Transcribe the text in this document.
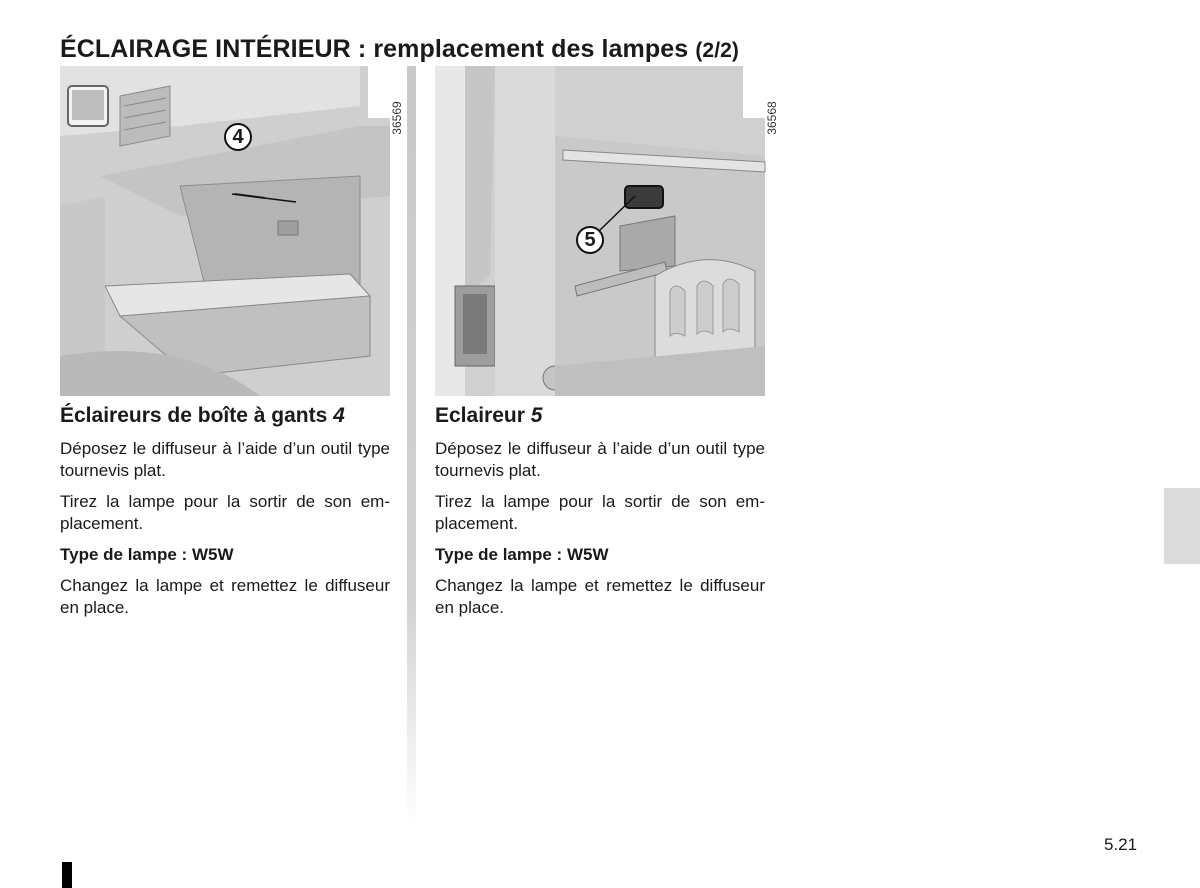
ÉCLAIRAGE INTÉRIEUR : remplacement des lampes (2/2)
36569
4
Éclaireurs de boîte à gants 4

Déposez le diffuseur à l’aide d’un outil type tournevis plat.

Tirez la lampe pour la sortir de son emplacement.

Type de lampe : W5W

Changez la lampe et remettez le diffuseur en place.

36568
5
Eclaireur 5

Déposez le diffuseur à l’aide d’un outil type tournevis plat.

Tirez la lampe pour la sortir de son emplacement.

Type de lampe : W5W

Changez la lampe et remettez le diffuseur en place.

5.21
